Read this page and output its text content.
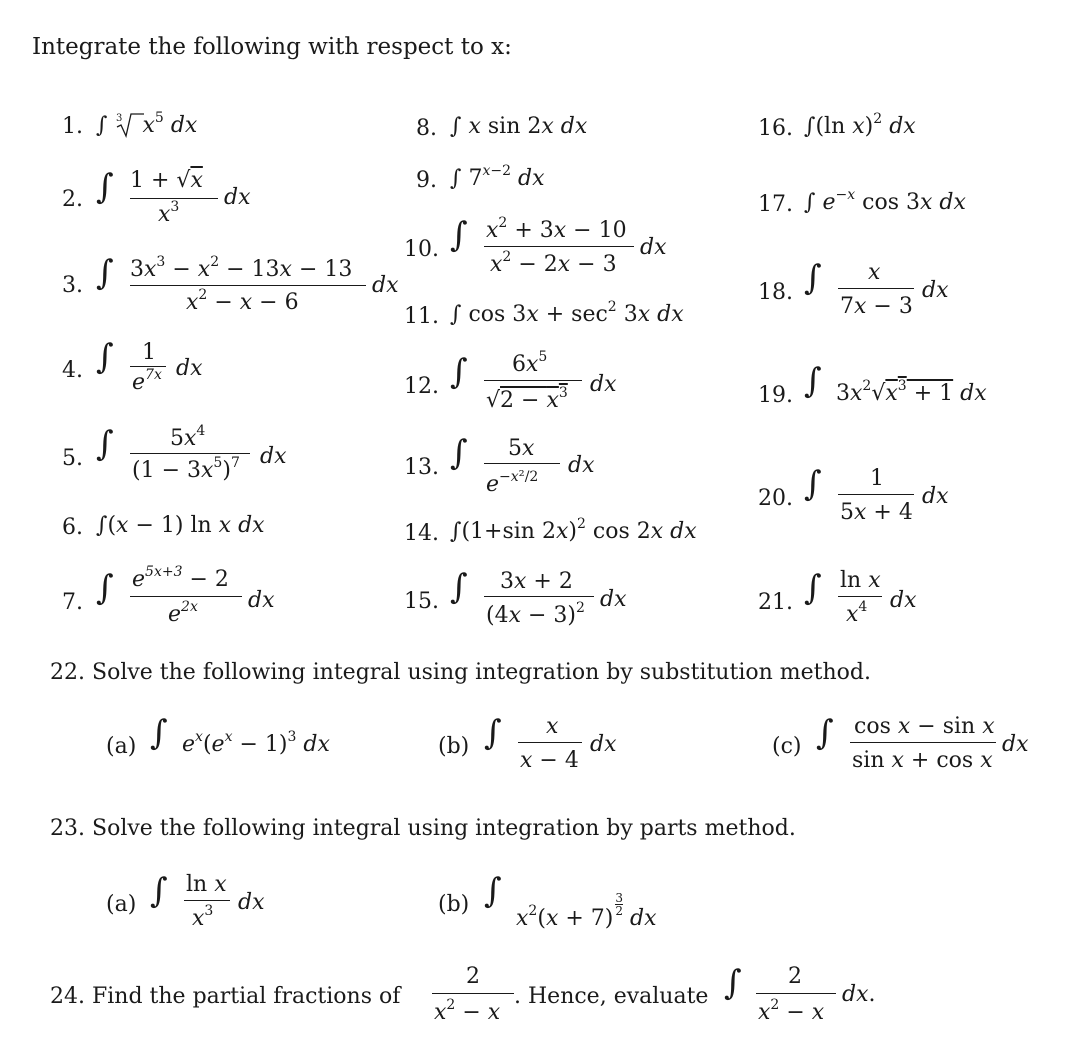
Integrate the following with respect to x:
1. ∫ 3 $x^5$ dx
2. ∫ 1 + √x
$x^3$ dx
3. ∫ $3x^3 - x^2 - 13x - 13$
$x^2 - x - 6$
dx
4. ∫ 1
$e^{7x}$ dx
5. ∫	$5x^4$
$(1 - 3x^5)^7$ dx
6. ∫(x − 1) ln x dx
7. ∫ $e^{5x+3} - 2$
$e^{2x}$ dx
8. ∫ x sin 2x dx
9. ∫ $7^{x-2}$ dx
10. ∫ $x^2 + 3x - 10$
$x^2 - 2x - 3$
dx
11. ∫ $\cos 3x + \sec^2 3x$ dx
12. ∫ $6x^5$
$√2 - x^3$ dx
13. ∫ 5x
$e^{-x^2/2}$ dx
14. ∫(1+sin 2x)$^2$ cos 2x dx
15. ∫ 3x + 2
$(4x - 3)^2$ dx
16. ∫(ln x)$^2$ dx
17. ∫ $e^{-x}$ cos 3x dx
18. ∫ x
7x − 3
dx
19. ∫ $3x^2√x^3 + 1$ dx
20. ∫ 1
5x + 4
dx
21. ∫ ln x
$x^4$ dx
22. Solve the following integral using integration by substitution method.
(a) ∫ $e^x(e^x - 1)^3$ dx	(b) ∫ x
x − 4
dx	(c) ∫ cos x − sin x
sin x + cos x
dx
23. Solve the following integral using integration by parts method.
(a) ∫ ln x
$x^3$ dx	(b) ∫
$x^2(x + 7)$
$\frac{3}{2}$
dx
24. Find the partial fractions of
2
$x^2 - x$
. Hence, evaluate ∫ 2
$x^2 - x$
dx.
